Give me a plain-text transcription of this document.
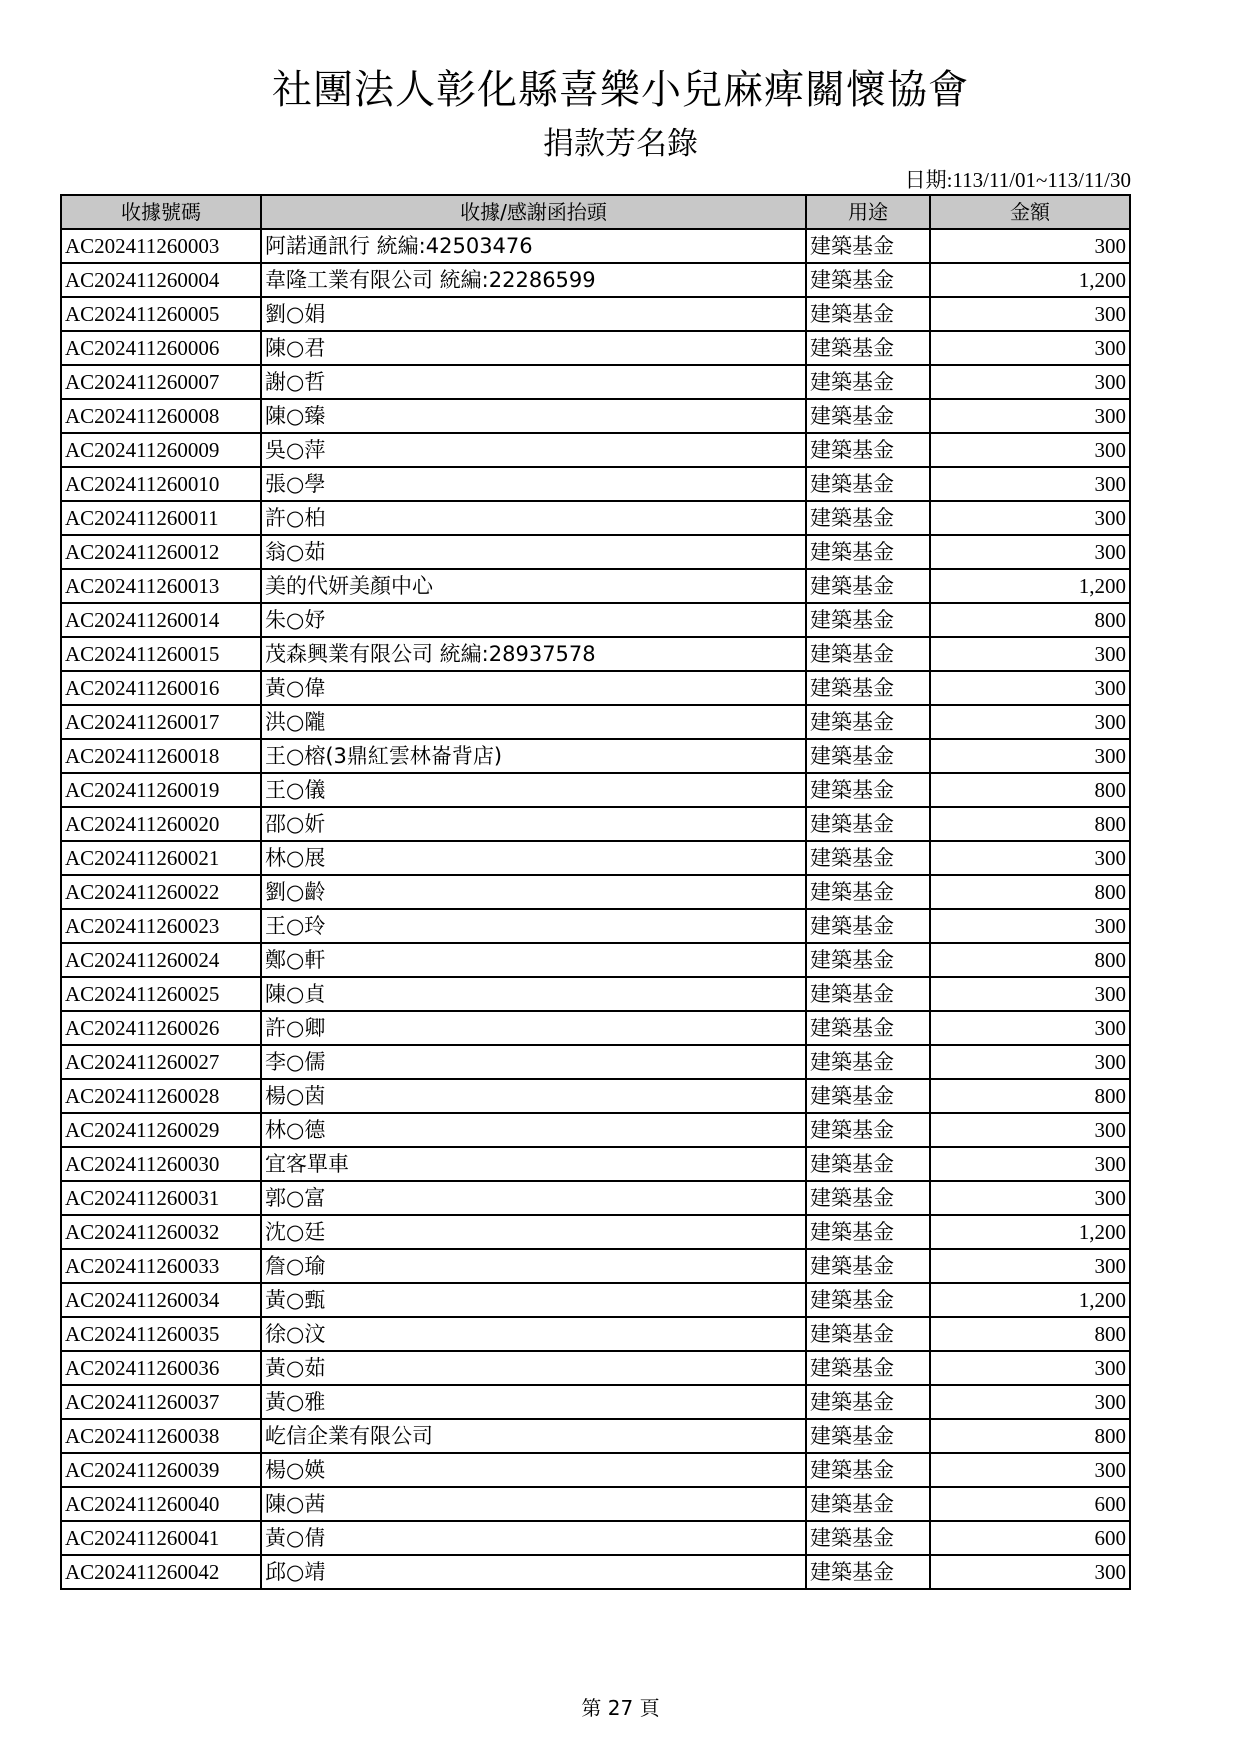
社團法人彰化縣喜樂小兒麻痺關懷協會
捐款芳名錄
日期:113/11/01~113/11/30
收據號碼	收據/感謝函抬頭	用途	金額
AC202411260003	阿諾通訊行 統編:42503476	建築基金	300
AC202411260004	韋隆工業有限公司 統編:22286599	建築基金	1,200
AC202411260005	劉○娟	建築基金	300
AC202411260006	陳○君	建築基金	300
AC202411260007	謝○哲	建築基金	300
AC202411260008	陳○臻	建築基金	300
AC202411260009	吳○萍	建築基金	300
AC202411260010	張○學	建築基金	300
AC202411260011	許○柏	建築基金	300
AC202411260012	翁○茹	建築基金	300
AC202411260013	美的代妍美顏中心	建築基金	1,200
AC202411260014	朱○妤	建築基金	800
AC202411260015	茂森興業有限公司 統編:28937578	建築基金	300
AC202411260016	黃○偉	建築基金	300
AC202411260017	洪○隴	建築基金	300
AC202411260018	王○榕(3鼎紅雲林崙背店)	建築基金	300
AC202411260019	王○儀	建築基金	800
AC202411260020	邵○妡	建築基金	800
AC202411260021	林○展	建築基金	300
AC202411260022	劉○齡	建築基金	800
AC202411260023	王○玲	建築基金	300
AC202411260024	鄭○軒	建築基金	800
AC202411260025	陳○貞	建築基金	300
AC202411260026	許○卿	建築基金	300
AC202411260027	李○儒	建築基金	300
AC202411260028	楊○茵	建築基金	800
AC202411260029	林○德	建築基金	300
AC202411260030	宜客單車	建築基金	300
AC202411260031	郭○富	建築基金	300
AC202411260032	沈○廷	建築基金	1,200
AC202411260033	詹○瑜	建築基金	300
AC202411260034	黃○甄	建築基金	1,200
AC202411260035	徐○汶	建築基金	800
AC202411260036	黃○茹	建築基金	300
AC202411260037	黃○雅	建築基金	300
AC202411260038	屹信企業有限公司	建築基金	800
AC202411260039	楊○媖	建築基金	300
AC202411260040	陳○茜	建築基金	600
AC202411260041	黃○倩	建築基金	600
AC202411260042	邱○靖	建築基金	300
第 27 頁
